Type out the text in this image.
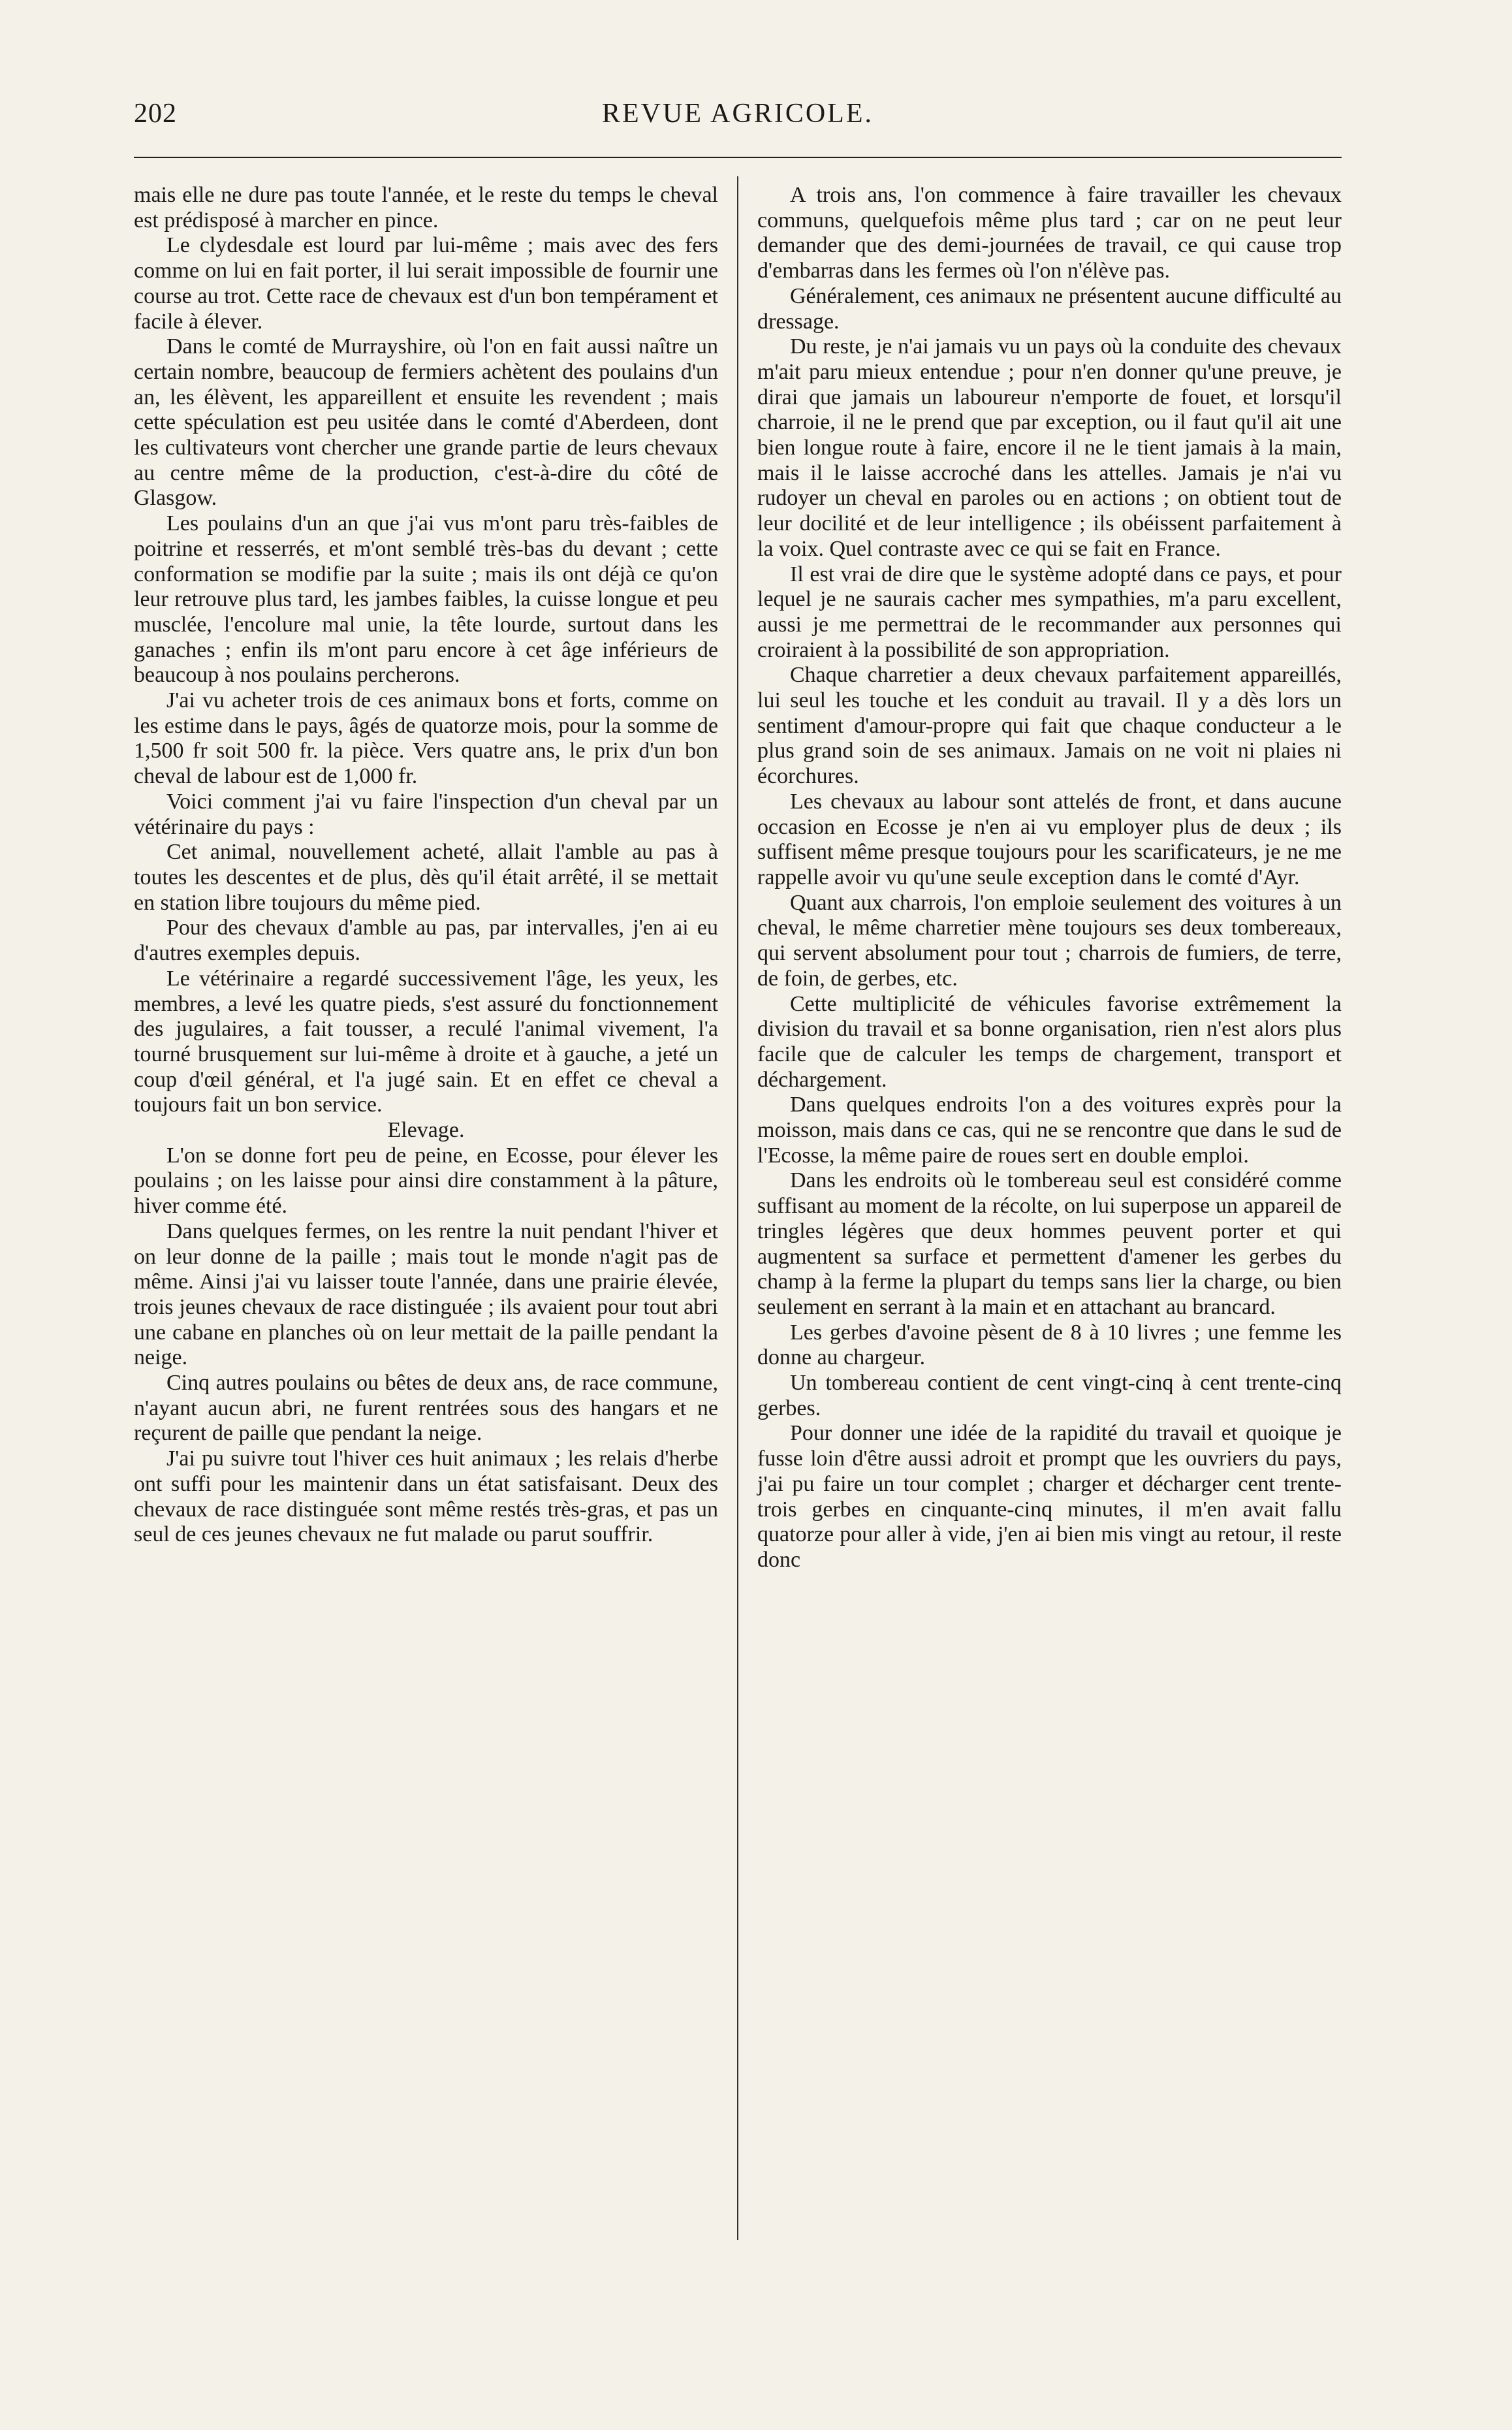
202	REVUE AGRICOLE.

mais elle ne dure pas toute l'année, et le reste du temps le cheval est prédisposé à marcher en pince.

Le clydesdale est lourd par lui-même ; mais avec des fers comme on lui en fait porter, il lui serait impossible de fournir une course au trot. Cette race de chevaux est d'un bon tempérament et facile à élever.

Dans le comté de Murrayshire, où l'on en fait aussi naître un certain nombre, beaucoup de fermiers achètent des poulains d'un an, les élèvent, les appareillent et ensuite les revendent ; mais cette spéculation est peu usitée dans le comté d'Aberdeen, dont les cultivateurs vont chercher une grande partie de leurs chevaux au centre même de la production, c'est-à-dire du côté de Glasgow.

Les poulains d'un an que j'ai vus m'ont paru très-faibles de poitrine et resserrés, et m'ont semblé très-bas du devant ; cette conformation se modifie par la suite ; mais ils ont déjà ce qu'on leur retrouve plus tard, les jambes faibles, la cuisse longue et peu musclée, l'encolure mal unie, la tête lourde, surtout dans les ganaches ; enfin ils m'ont paru encore à cet âge inférieurs de beaucoup à nos poulains percherons.

J'ai vu acheter trois de ces animaux bons et forts, comme on les estime dans le pays, âgés de quatorze mois, pour la somme de 1,500 fr soit 500 fr. la pièce. Vers quatre ans, le prix d'un bon cheval de labour est de 1,000 fr.

Voici comment j'ai vu faire l'inspection d'un cheval par un vétérinaire du pays :

Cet animal, nouvellement acheté, allait l'amble au pas à toutes les descentes et de plus, dès qu'il était arrêté, il se mettait en station libre toujours du même pied.

Pour des chevaux d'amble au pas, par intervalles, j'en ai eu d'autres exemples depuis.

Le vétérinaire a regardé successivement l'âge, les yeux, les membres, a levé les quatre pieds, s'est assuré du fonctionnement des jugulaires, a fait tousser, a reculé l'animal vivement, l'a tourné brusquement sur lui-même à droite et à gauche, a jeté un coup d'œil général, et l'a jugé sain. Et en effet ce cheval a toujours fait un bon service.

Elevage.

L'on se donne fort peu de peine, en Ecosse, pour élever les poulains ; on les laisse pour ainsi dire constamment à la pâture, hiver comme été.

Dans quelques fermes, on les rentre la nuit pendant l'hiver et on leur donne de la paille ; mais tout le monde n'agit pas de même. Ainsi j'ai vu laisser toute l'année, dans une prairie élevée, trois jeunes chevaux de race distinguée ; ils avaient pour tout abri une cabane en planches où on leur mettait de la paille pendant la neige.

Cinq autres poulains ou bêtes de deux ans, de race commune, n'ayant aucun abri, ne furent rentrées sous des hangars et ne reçurent de paille que pendant la neige.

J'ai pu suivre tout l'hiver ces huit animaux ; les relais d'herbe ont suffi pour les maintenir dans un état satisfaisant. Deux des chevaux de race distinguée sont même restés très-gras, et pas un seul de ces jeunes chevaux ne fut malade ou parut souffrir.

A trois ans, l'on commence à faire travailler les chevaux communs, quelquefois même plus tard ; car on ne peut leur demander que des demi-journées de travail, ce qui cause trop d'embarras dans les fermes où l'on n'élève pas.

Généralement, ces animaux ne présentent aucune difficulté au dressage.

Du reste, je n'ai jamais vu un pays où la conduite des chevaux m'ait paru mieux entendue ; pour n'en donner qu'une preuve, je dirai que jamais un laboureur n'emporte de fouet, et lorsqu'il charroie, il ne le prend que par exception, ou il faut qu'il ait une bien longue route à faire, encore il ne le tient jamais à la main, mais il le laisse accroché dans les attelles. Jamais je n'ai vu rudoyer un cheval en paroles ou en actions ; on obtient tout de leur docilité et de leur intelligence ; ils obéissent parfaitement à la voix. Quel contraste avec ce qui se fait en France.

Il est vrai de dire que le système adopté dans ce pays, et pour lequel je ne saurais cacher mes sympathies, m'a paru excellent, aussi je me permettrai de le recommander aux personnes qui croiraient à la possibilité de son appropriation.

Chaque charretier a deux chevaux parfaitement appareillés, lui seul les touche et les conduit au travail. Il y a dès lors un sentiment d'amour-propre qui fait que chaque conducteur a le plus grand soin de ses animaux. Jamais on ne voit ni plaies ni écorchures.

Les chevaux au labour sont attelés de front, et dans aucune occasion en Ecosse je n'en ai vu employer plus de deux ; ils suffisent même presque toujours pour les scarificateurs, je ne me rappelle avoir vu qu'une seule exception dans le comté d'Ayr.

Quant aux charrois, l'on emploie seulement des voitures à un cheval, le même charretier mène toujours ses deux tombereaux, qui servent absolument pour tout ; charrois de fumiers, de terre, de foin, de gerbes, etc.

Cette multiplicité de véhicules favorise extrêmement la division du travail et sa bonne organisation, rien n'est alors plus facile que de calculer les temps de chargement, transport et déchargement.

Dans quelques endroits l'on a des voitures exprès pour la moisson, mais dans ce cas, qui ne se rencontre que dans le sud de l'Ecosse, la même paire de roues sert en double emploi.

Dans les endroits où le tombereau seul est considéré comme suffisant au moment de la récolte, on lui superpose un appareil de tringles légères que deux hommes peuvent porter et qui augmentent sa surface et permettent d'amener les gerbes du champ à la ferme la plupart du temps sans lier la charge, ou bien seulement en serrant à la main et en attachant au brancard.

Les gerbes d'avoine pèsent de 8 à 10 livres ; une femme les donne au chargeur.

Un tombereau contient de cent vingt-cinq à cent trente-cinq gerbes.

Pour donner une idée de la rapidité du travail et quoique je fusse loin d'être aussi adroit et prompt que les ouvriers du pays, j'ai pu faire un tour complet ; charger et décharger cent trente-trois gerbes en cinquante-cinq minutes, il m'en avait fallu quatorze pour aller à vide, j'en ai bien mis vingt au retour, il reste donc
